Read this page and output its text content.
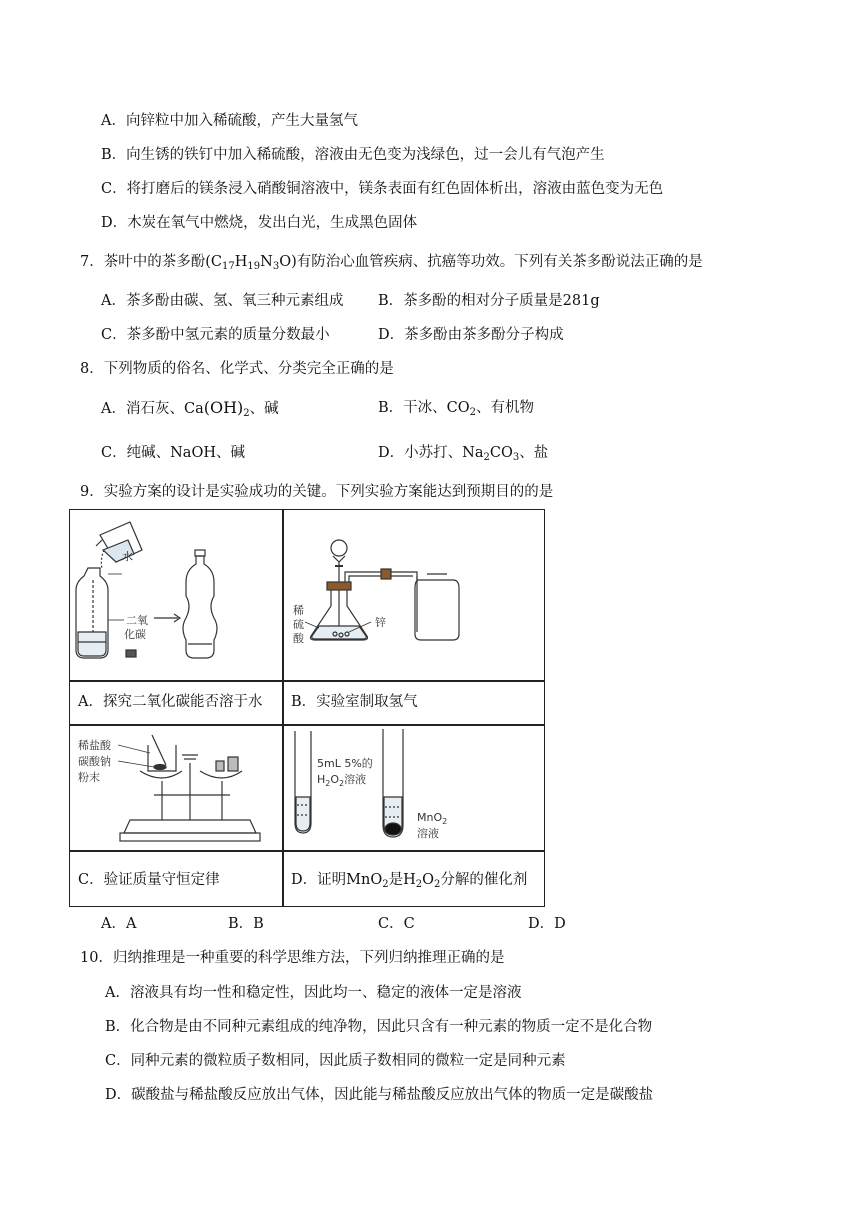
A．向锌粒中加入稀硫酸，产生大量氢气
B．向生锈的铁钉中加入稀硫酸，溶液由无色变为浅绿色，过一会儿有气泡产生
C．将打磨后的镁条浸入硝酸铜溶液中，镁条表面有红色固体析出，溶液由蓝色变为无色
D．木炭在氧气中燃烧，发出白光，生成黑色固体
7．茶叶中的茶多酚$(C_{17}H_{19}N_3O)$有防治心血管疾病、抗癌等功效。下列有关茶多酚说法正确的是
A．茶多酚由碳、氢、氧三种元素组成 B．茶多酚的相对分子质量是281g
C．茶多酚中氢元素的质量分数最小	D．茶多酚由茶多酚分子构成
8．下列物质的俗名、化学式、分类完全正确的是
A．消石灰、$Ca(OH)_2$、碱	B．干冰、$CO_2$、有机物
C．纯碱、NaOH、碱	D．小苏打、$Na_2CO_3$、盐
9．实验方案的设计是实验成功的关键。下列实验方案能达到预期目的的是
水
二氧
化碳
稀
硫
酸
锌
稀盐酸
碳酸钠
粉末
5mL 5%的
$H_2O_2$溶液
MnO$_2$
溶液
A．探究二氧化碳能否溶于水 B．实验室制取氢气
C．验证质量守恒定律	D．证明MnO$_2$是$H_2O_2$分解的催化剂
A．A	B．B	C．C	D．D
10．归纳推理是一种重要的科学思维方法，下列归纳推理正确的是
A．溶液具有均一性和稳定性，因此均一、稳定的液体一定是溶液
B．化合物是由不同种元素组成的纯净物，因此只含有一种元素的物质一定不是化合物
C．同种元素的微粒质子数相同，因此质子数相同的微粒一定是同种元素
D．碳酸盐与稀盐酸反应放出气体，因此能与稀盐酸反应放出气体的物质一定是碳酸盐
